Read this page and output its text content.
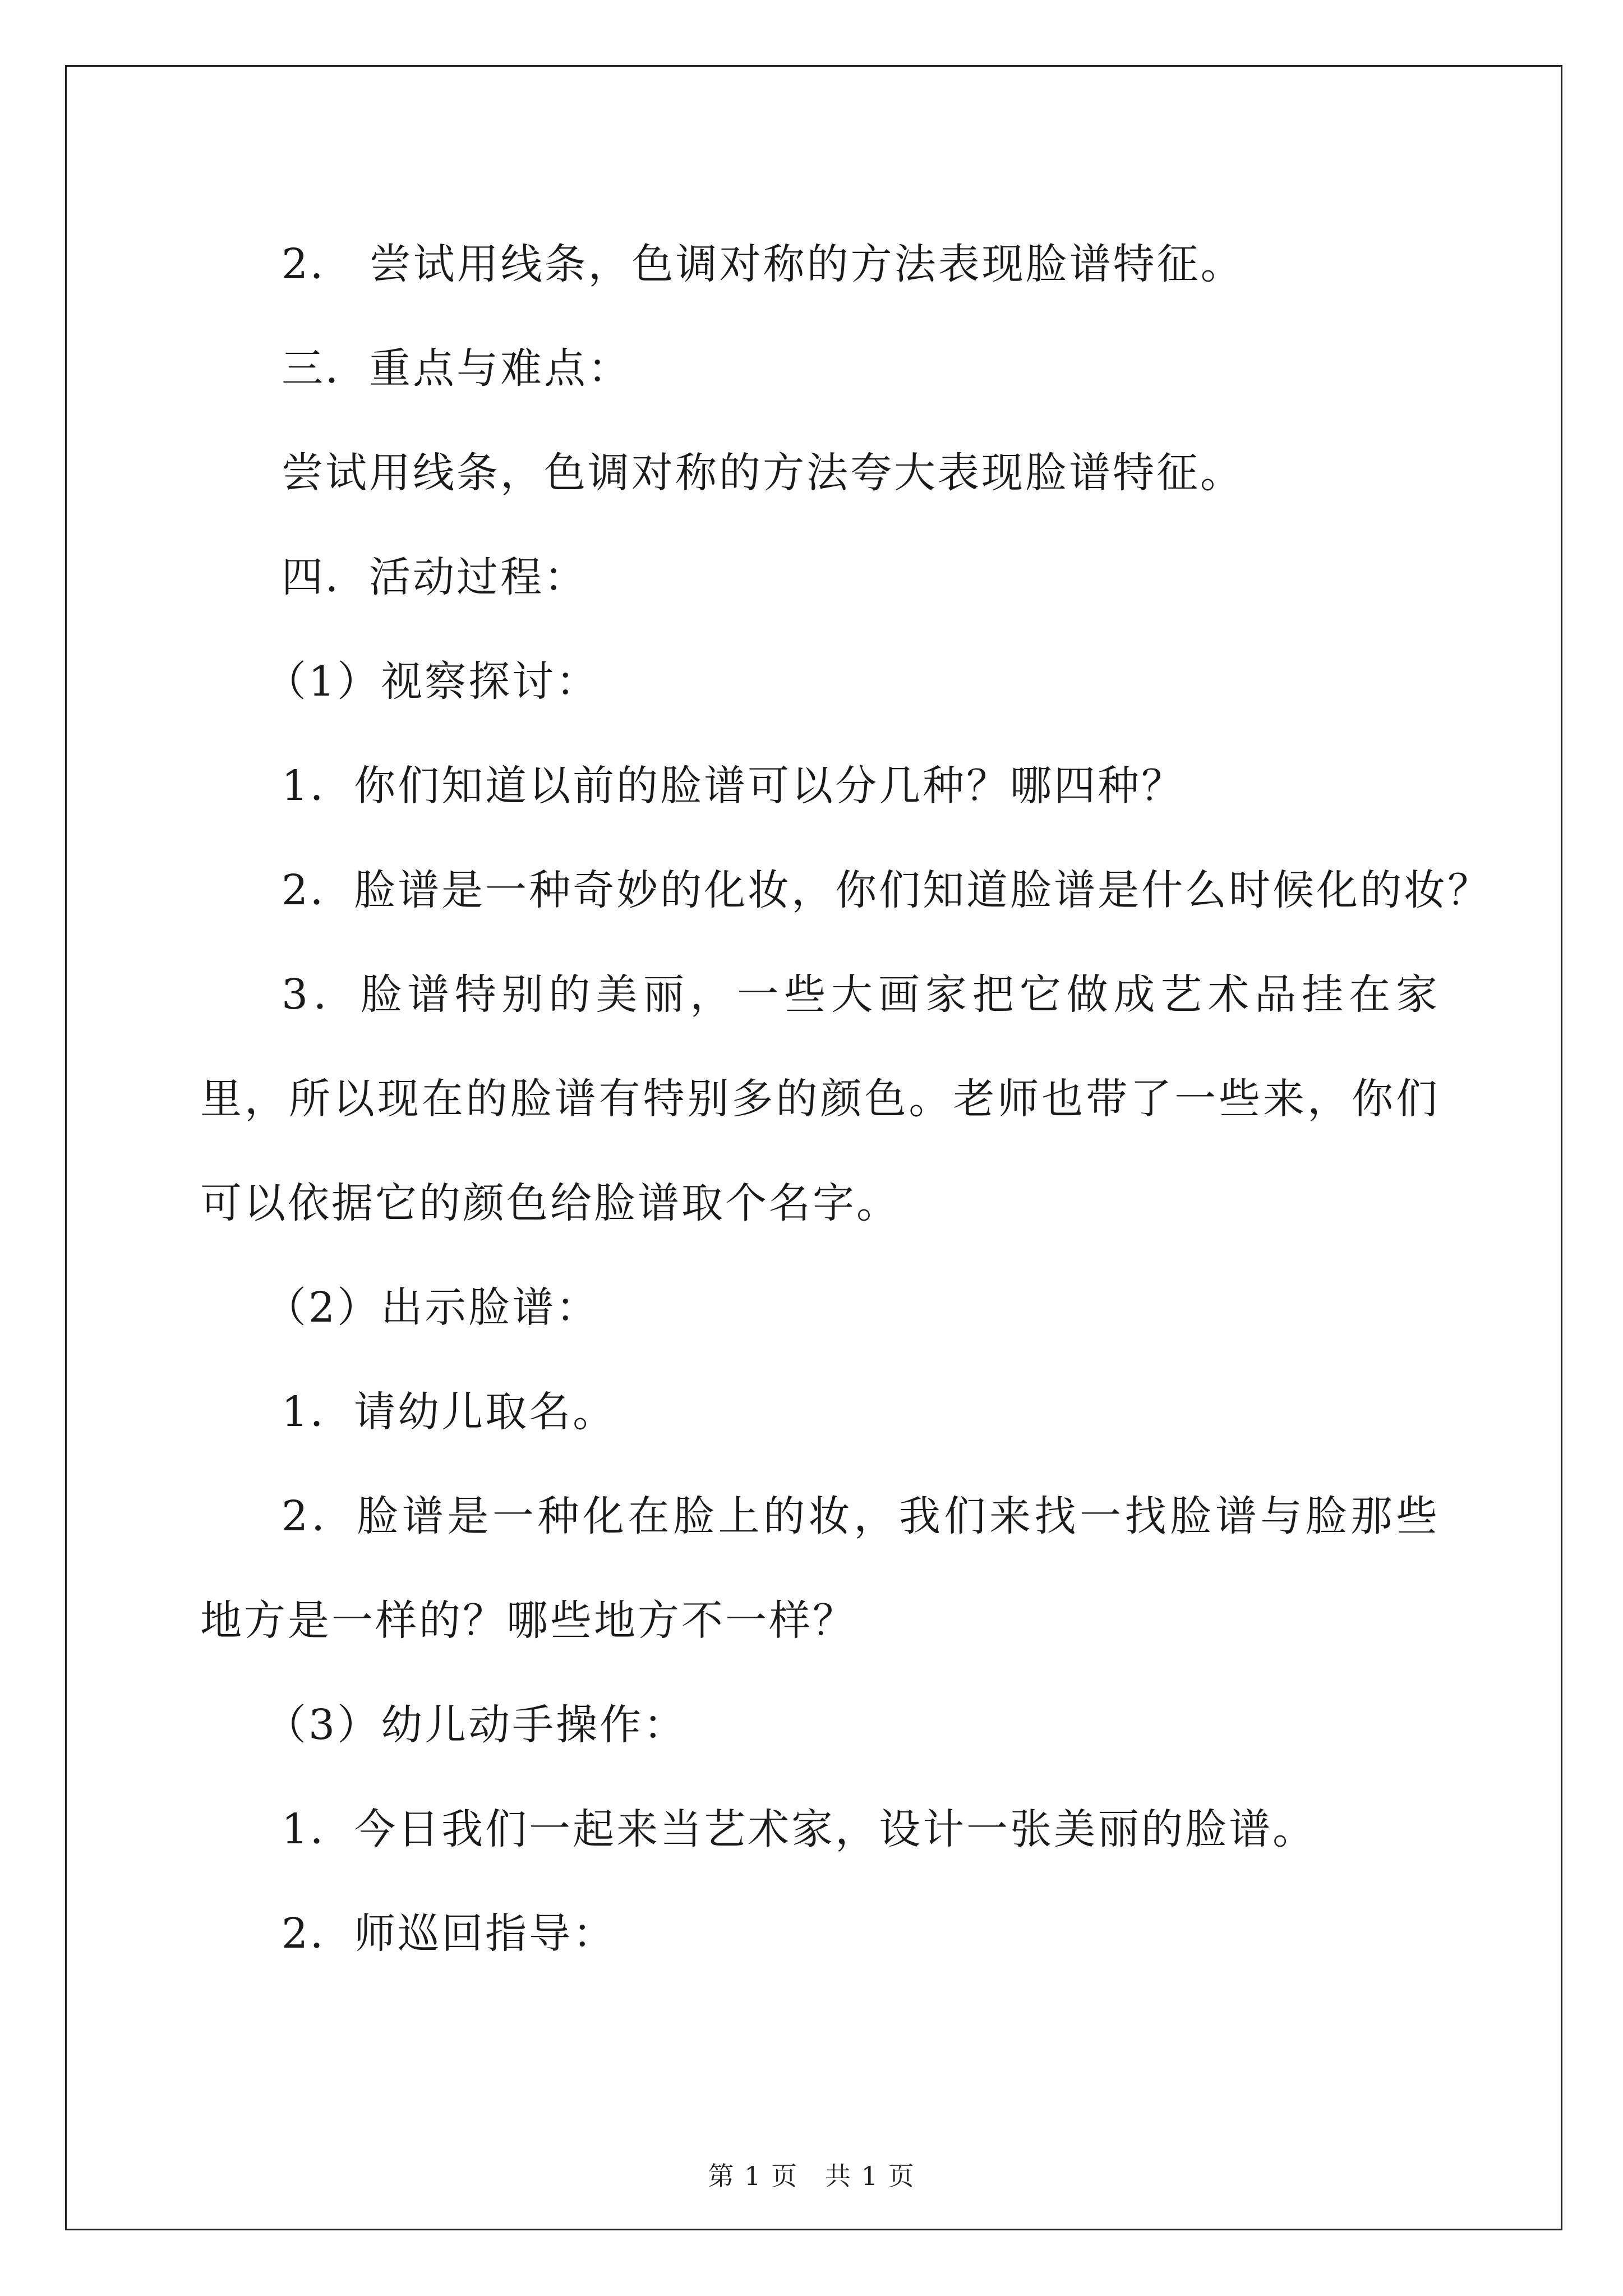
2． 尝试用线条，色调对称的方法表现脸谱特征。

三．重点与难点：

尝试用线条，色调对称的方法夸大表现脸谱特征。

四．活动过程：

（1）视察探讨：

1．你们知道以前的脸谱可以分几种？哪四种？

2．脸谱是一种奇妙的化妆，你们知道脸谱是什么时候化的妆？

3．脸谱特别的美丽，一些大画家把它做成艺术品挂在家里，所以现在的脸谱有特别多的颜色。老师也带了一些来，你们可以依据它的颜色给脸谱取个名字。

（2）出示脸谱：

1．请幼儿取名。

2．脸谱是一种化在脸上的妆，我们来找一找脸谱与脸那些地方是一样的？哪些地方不一样？

（3）幼儿动手操作：

1．今日我们一起来当艺术家，设计一张美丽的脸谱。

2．师巡回指导：

第 1 页　共 1 页
